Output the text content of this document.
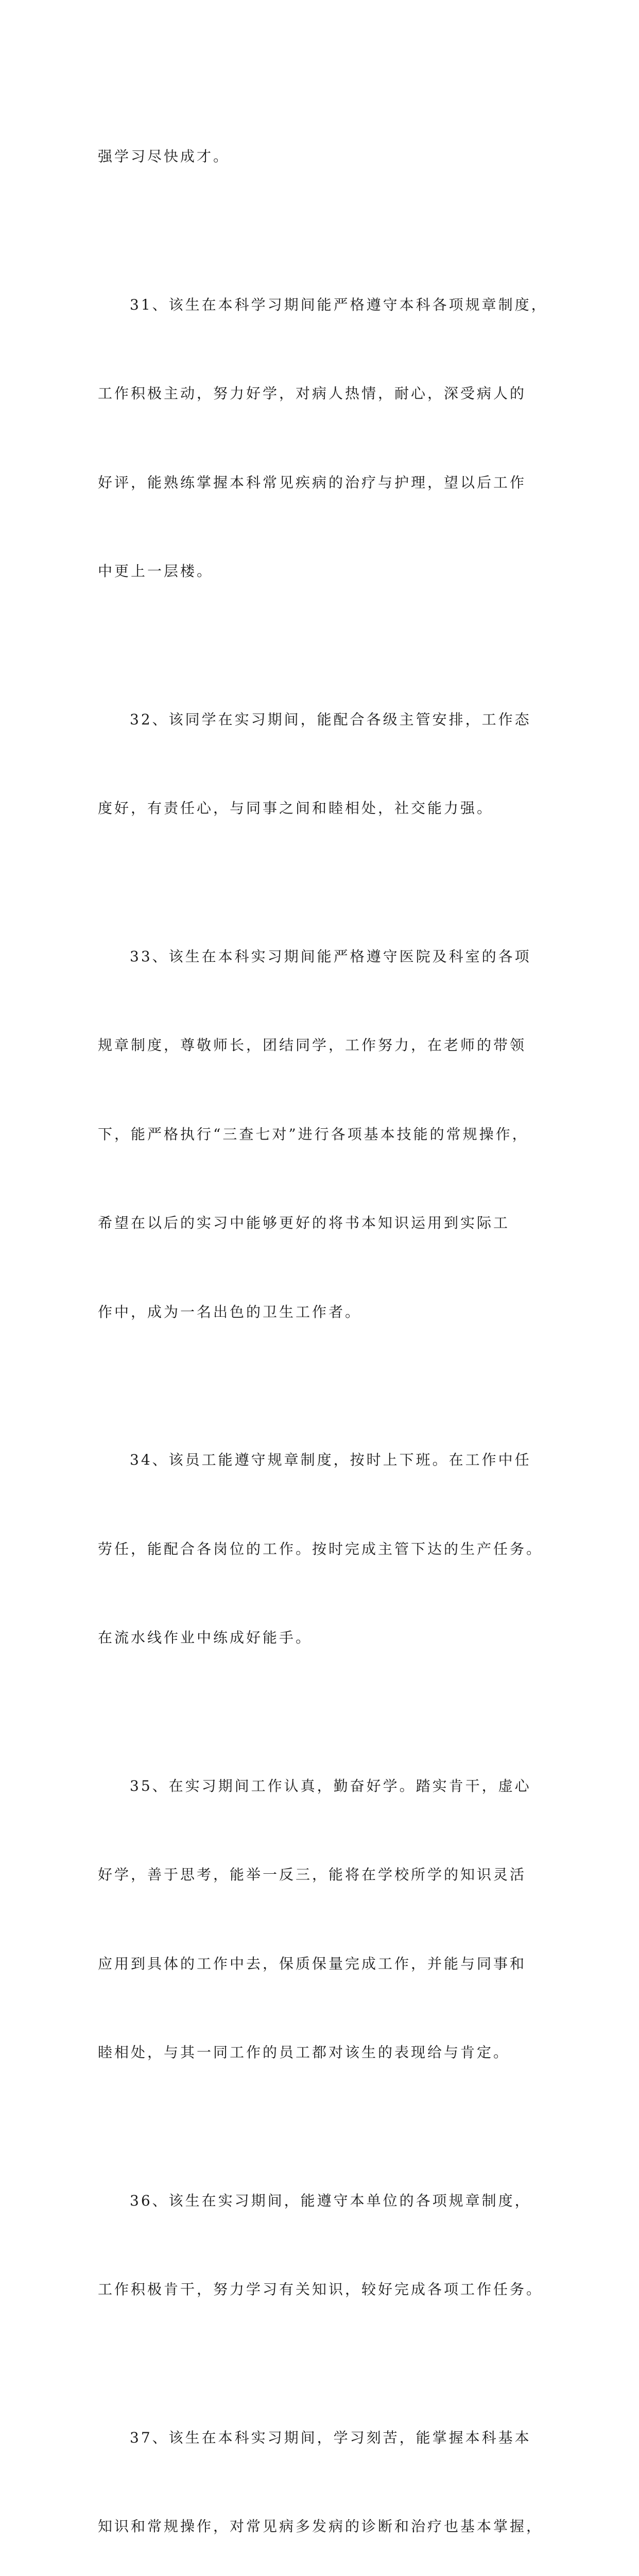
强学习尽快成才。

31、该生在本科学习期间能严格遵守本科各项规章制度，

工作积极主动，努力好学，对病人热情，耐心，深受病人的

好评，能熟练掌握本科常见疾病的治疗与护理，望以后工作

中更上一层楼。

32、该同学在实习期间，能配合各级主管安排，工作态

度好，有责任心，与同事之间和睦相处，社交能力强。

33、该生在本科实习期间能严格遵守医院及科室的各项

规章制度，尊敬师长，团结同学，工作努力，在老师的带领

下，能严格执行“三查七对”进行各项基本技能的常规操作，

希望在以后的实习中能够更好的将书本知识运用到实际工

作中，成为一名出色的卫生工作者。

34、该员工能遵守规章制度，按时上下班。在工作中任

劳任，能配合各岗位的工作。按时完成主管下达的生产任务。

在流水线作业中练成好能手。

35、在实习期间工作认真，勤奋好学。踏实肯干，虚心

好学，善于思考，能举一反三，能将在学校所学的知识灵活

应用到具体的工作中去，保质保量完成工作，并能与同事和

睦相处，与其一同工作的员工都对该生的表现给与肯定。

36、该生在实习期间，能遵守本单位的各项规章制度，

工作积极肯干，努力学习有关知识，较好完成各项工作任务。

37、该生在本科实习期间，学习刻苦，能掌握本科基本

知识和常规操作，对常见病多发病的诊断和治疗也基本掌握，
